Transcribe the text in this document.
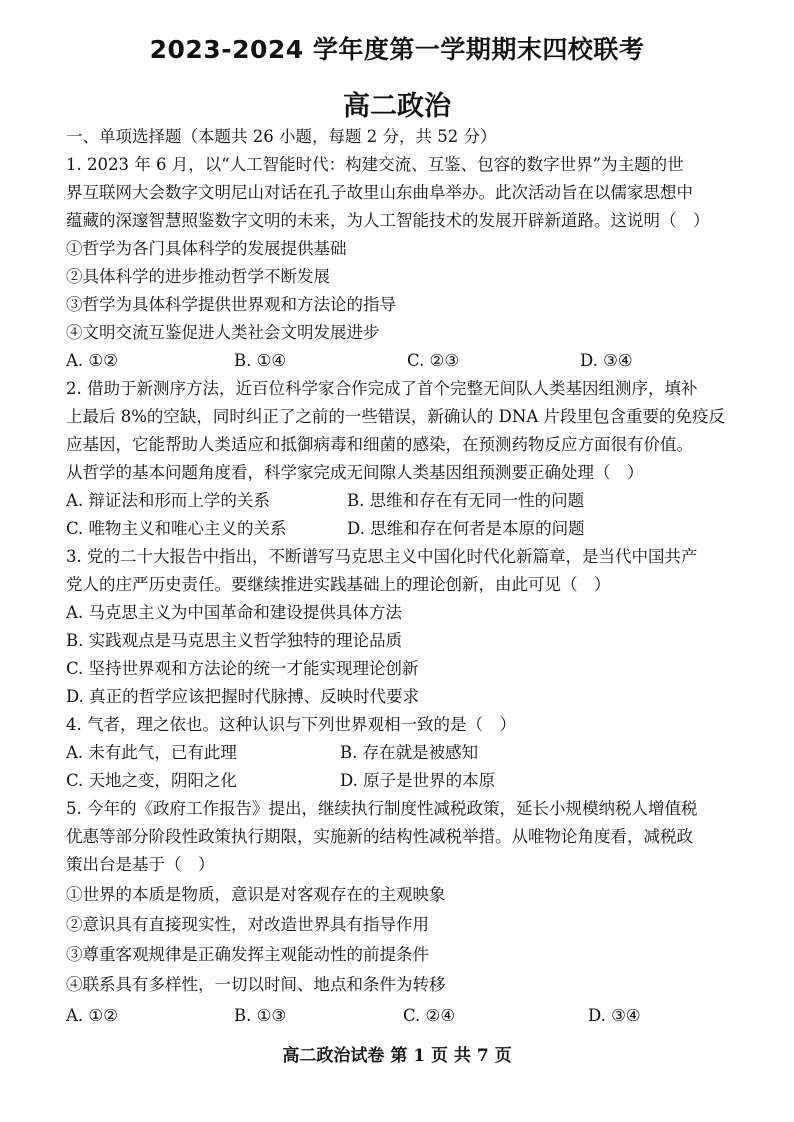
2023-2024 学年度第一学期期末四校联考
高二政治
一、单项选择题（本题共 26 小题，每题 2 分，共 52 分）
1. 2023 年 6 月，以“人工智能时代：构建交流、互鉴、包容的数字世界”为主题的世
界互联网大会数字文明尼山对话在孔子故里山东曲阜举办。此次活动旨在以儒家思想中
蕴藏的深邃智慧照鉴数字文明的未来，为人工智能技术的发展开辟新道路。这说明（　）
①哲学为各门具体科学的发展提供基础
②具体科学的进步推动哲学不断发展
③哲学为具体科学提供世界观和方法论的指导
④文明交流互鉴促进人类社会文明发展进步
A. ①②	B. ①④	C. ②③	D. ③④
2. 借助于新测序方法，近百位科学家合作完成了首个完整无间队人类基因组测序，填补
上最后 8%的空缺，同时纠正了之前的一些错误，新确认的 DNA 片段里包含重要的免疫反
应基因，它能帮助人类适应和抵御病毒和细菌的感染，在预测药物反应方面很有价值。
从哲学的基本问题角度看，科学家完成无间隙人类基因组预测要正确处理（　）
A. 辩证法和形而上学的关系	B. 思维和存在有无同一性的问题
C. 唯物主义和唯心主义的关系	D. 思维和存在何者是本原的问题
3. 党的二十大报告中指出，不断谱写马克思主义中国化时代化新篇章，是当代中国共产
党人的庄严历史责任。要继续推进实践基础上的理论创新，由此可见（　）
A. 马克思主义为中国革命和建设提供具体方法
B. 实践观点是马克思主义哲学独特的理论品质
C. 坚持世界观和方法论的统一才能实现理论创新
D. 真正的哲学应该把握时代脉搏、反映时代要求
4. 气者，理之依也。这种认识与下列世界观相一致的是（　）
A. 未有此气，已有此理	B. 存在就是被感知
C. 天地之变，阴阳之化	D. 原子是世界的本原
5. 今年的《政府工作报告》提出，继续执行制度性减税政策，延长小规模纳税人增值税
优惠等部分阶段性政策执行期限，实施新的结构性减税举措。从唯物论角度看，减税政
策出台是基于（　）
①世界的本质是物质，意识是对客观存在的主观映象
②意识具有直接现实性，对改造世界具有指导作用
③尊重客观规律是正确发挥主观能动性的前提条件
④联系具有多样性，一切以时间、地点和条件为转移
A. ①②	B. ①③	C. ②④	D. ③④
高二政治试卷 第 1 页 共 7 页
